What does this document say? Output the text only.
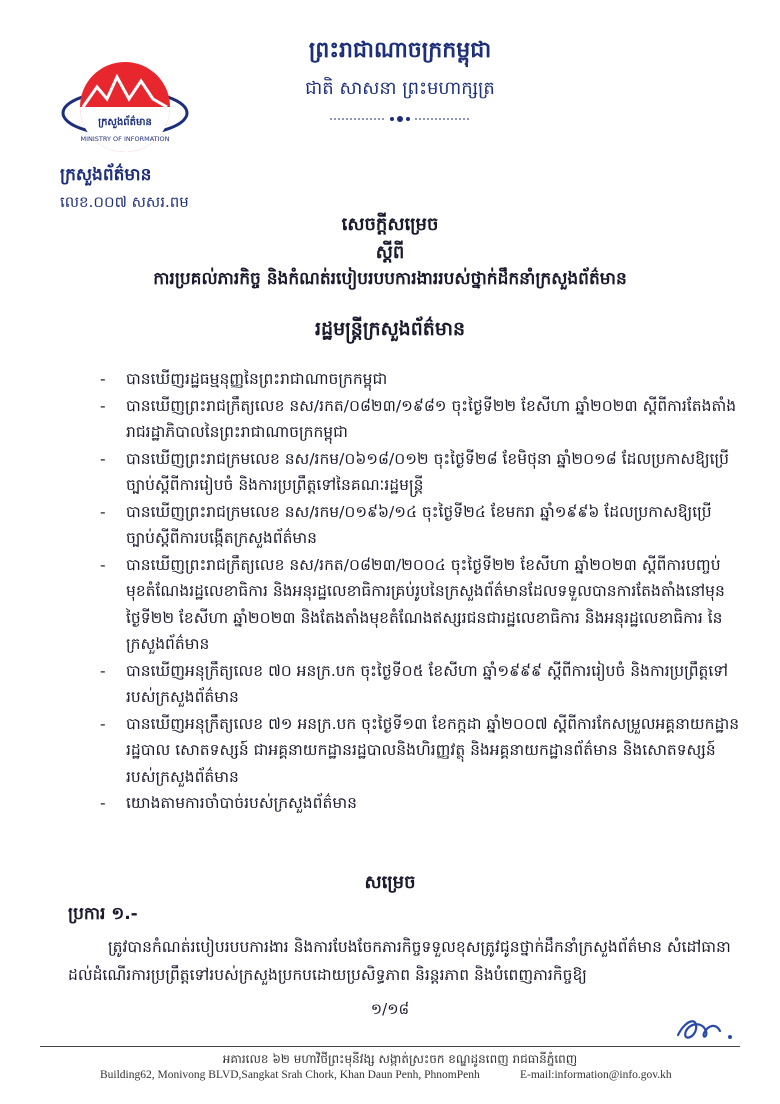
ក្រសួងព័ត៌មាន
MINISTRY OF INFORMATION
ក្រសួងព័ត៌មាន
លេខ.០០៧ សសរ.ពម
ព្រះរាជាណាចក្រកម្ពុជា
ជាតិ សាសនា ព្រះមហាក្សត្រ
សេចក្តីសម្រេច
ស្តីពី
ការប្រគល់ភារកិច្ច និងកំណត់របៀបរបបការងាររបស់ថ្នាក់ដឹកនាំក្រសួងព័ត៌មាន
រដ្ឋមន្ត្រីក្រសួងព័ត៌មាន
- បានឃើញរដ្ឋធម្មនុញ្ញនៃព្រះរាជាណាចក្រកម្ពុជា
- បានឃើញព្រះរាជក្រឹត្យលេខ នស/រកត/០៨២៣/១៩៨១ ចុះថ្ងៃទី២២ ខែសីហា ឆ្នាំ២០២៣ ស្តីពីការតែងតាំងរាជរដ្ឋាភិបាលនៃព្រះរាជាណាចក្រកម្ពុជា
- បានឃើញព្រះរាជក្រមលេខ នស/រកម/០៦១៨/០១២ ចុះថ្ងៃទី២៨ ខែមិថុនា ឆ្នាំ២០១៨ ដែលប្រកាសឱ្យប្រើច្បាប់ស្តីពីការរៀបចំ និងការប្រព្រឹត្តទៅនៃគណៈរដ្ឋមន្ត្រី
- បានឃើញព្រះរាជក្រមលេខ នស/រកម/០១៩៦/១៤ ចុះថ្ងៃទី២៤ ខែមករា ឆ្នាំ១៩៩៦ ដែលប្រកាសឱ្យប្រើច្បាប់ស្តីពីការបង្កើតក្រសួងព័ត៌មាន
- បានឃើញព្រះរាជក្រឹត្យលេខ នស/រកត/០៨២៣/២០០៤ ចុះថ្ងៃទី២២ ខែសីហា ឆ្នាំ២០២៣ ស្តីពីការបញ្ចប់មុខតំណែងរដ្ឋលេខាធិការ និងអនុរដ្ឋលេខាធិការគ្រប់រូបនៃក្រសួងព័ត៌មានដែលទទួលបានការតែងតាំងនៅមុនថ្ងៃទី២២ ខែសីហា ឆ្នាំ២០២៣ និងតែងតាំងមុខតំណែងឥស្សរជនជារដ្ឋលេខាធិការ និងអនុរដ្ឋលេខាធិការ នៃក្រសួងព័ត៌មាន
- បានឃើញអនុក្រឹត្យលេខ ៧០ អនក្រ.បក ចុះថ្ងៃទី០៥ ខែសីហា ឆ្នាំ១៩៩៩ ស្តីពីការរៀបចំ និងការប្រព្រឹត្តទៅរបស់ក្រសួងព័ត៌មាន
- បានឃើញអនុក្រឹត្យលេខ ៧១ អនក្រ.បក ចុះថ្ងៃទី១៣ ខែកក្កដា ឆ្នាំ២០០៧ ស្តីពីការកែសម្រួលអគ្គនាយកដ្ឋានរដ្ឋបាល សោតទស្សន៍ ជាអគ្គនាយកដ្ឋានរដ្ឋបាលនិងហិរញ្ញវត្ថុ និងអគ្គនាយកដ្ឋានព័ត៌មាន និងសោតទស្សន៍ របស់ក្រសួងព័ត៌មាន
- យោងតាមការចាំបាច់របស់ក្រសួងព័ត៌មាន
សម្រេច
ប្រការ ១.-

ត្រូវបានកំណត់របៀបរបបការងារ និងការបែងចែកភារកិច្ចទទួលខុសត្រូវជូនថ្នាក់ដឹកនាំក្រសួងព័ត៌មាន សំដៅធានាដល់ដំណើរការប្រព្រឹត្តទៅរបស់ក្រសួងប្រកបដោយប្រសិទ្ធភាព និរន្តរភាព និងបំពេញភារកិច្ចឱ្យ

១/១៨
អគារលេខ ៦២ មហាវិថីព្រះមុនីវង្ស សង្កាត់ស្រះចក ខណ្ឌដូនពេញ រាជធានីភ្នំពេញ
Building62, Monivong BLVD,Sangkat Srah Chork, Khan Daun Penh, PhnomPenh	E-mail:information@info.gov.kh
